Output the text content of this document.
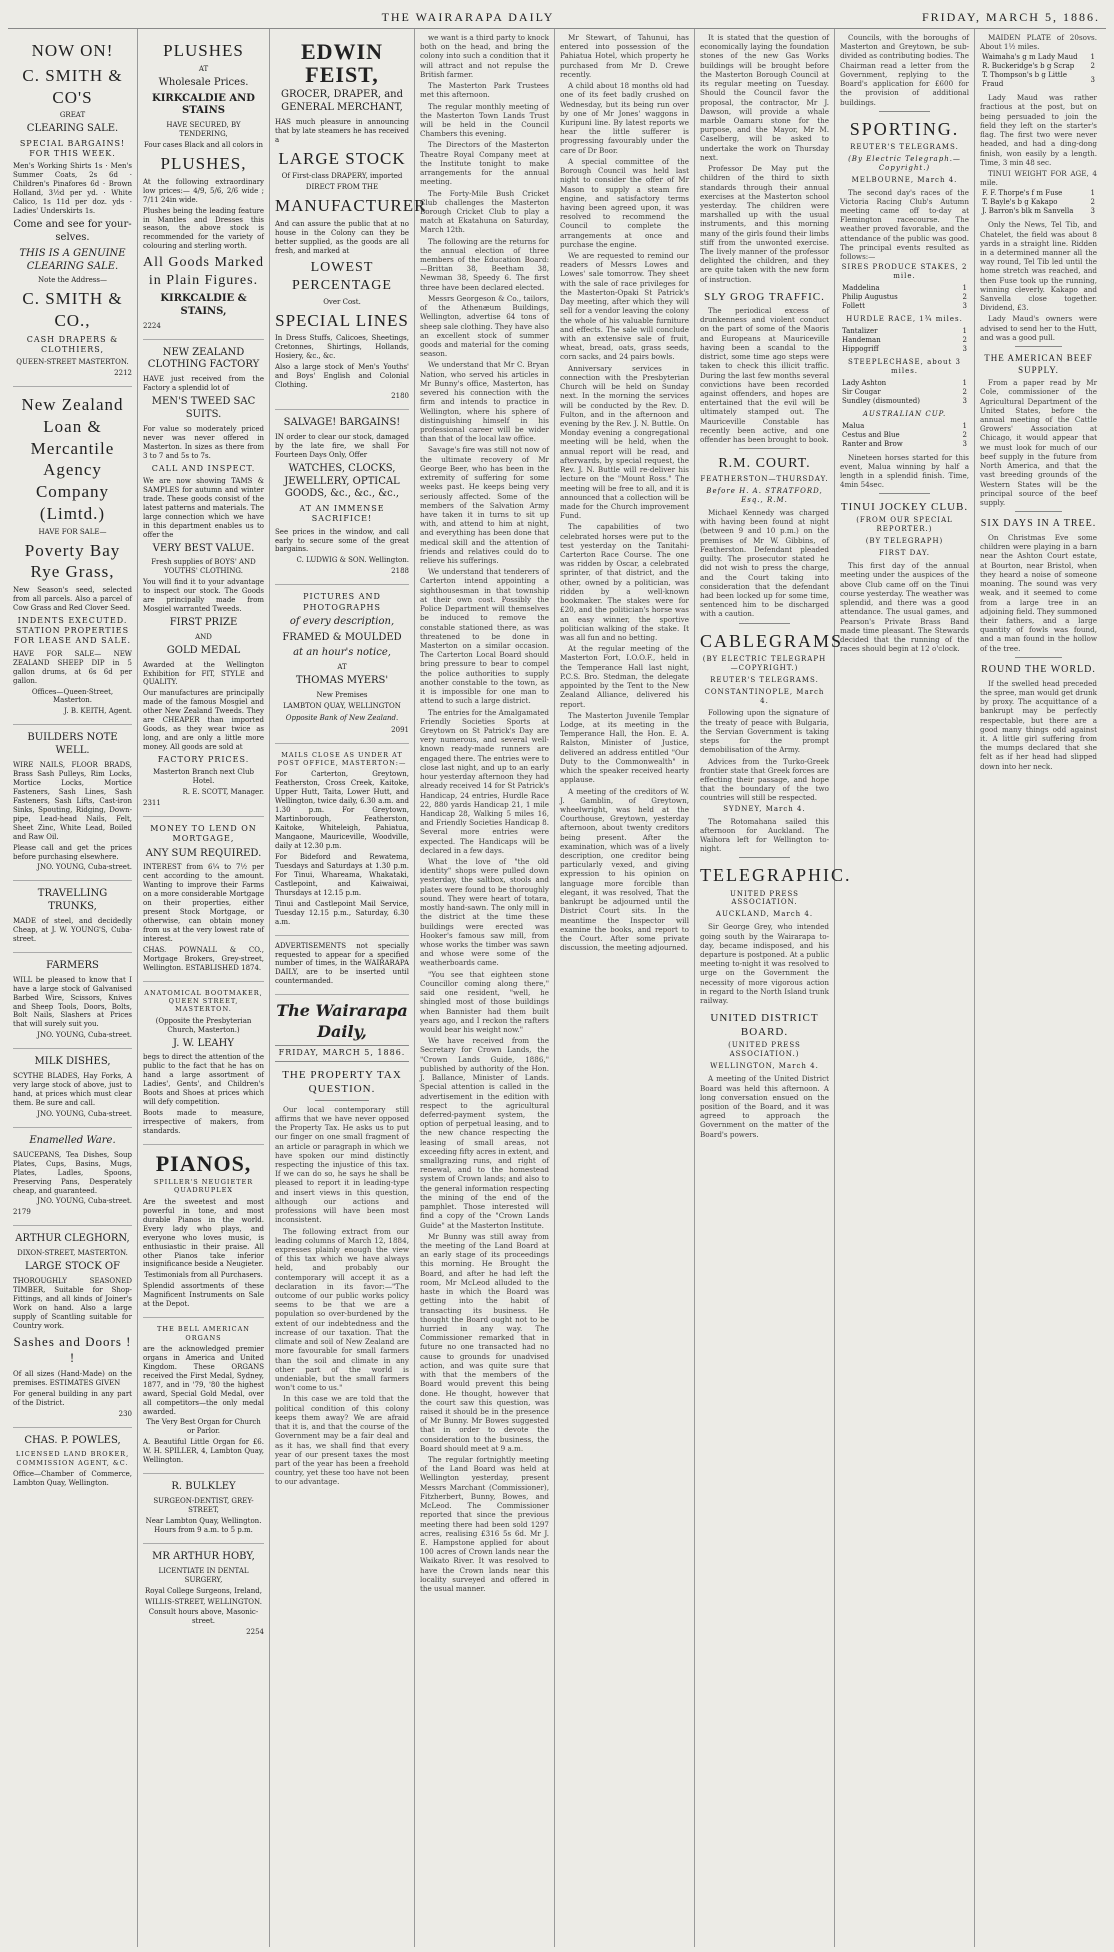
THE WAIRARAPA DAILY	FRIDAY, MARCH 5, 1886.
NOW ON!
C. SMITH & CO'S
GREAT
CLEARING SALE.
SPECIAL BARGAINS! FOR THIS WEEK.

Men's Working Shirts 1s · Men's Summer Coats, 2s 6d · Children's Pinafores 6d · Brown Holland, 3½d per yd. · White Calico, 1s 11d per doz. yds · Ladies' Underskirts 1s.

Come and see for your-selves.
THIS IS A GENUINE CLEARING SALE.
Note the Address—
C. SMITH & CO.,
CASH DRAPERS & CLOTHIERS,
QUEEN-STREET MASTERTON.
2212
New Zealand Loan & Mercantile Agency Company (Limtd.)
HAVE FOR SALE—
Poverty Bay Rye Grass,

New Season's seed, selected from all parcels. Also a parcel of Cow Grass and Red Clover Seed.

INDENTS EXECUTED. STATION PROPERTIES FOR LEASE AND SALE.

HAVE FOR SALE— NEW ZEALAND SHEEP DIP in 5 gallon drums, at 6s 6d per gallon.

Offices—Queen-Street, Masterton.
J. B. KEITH, Agent.
BUILDERS NOTE WELL.

WIRE NAILS, FLOOR BRADS, Brass Sash Pulleys, Rim Locks, Mortice Locks, Mortice Fasteners, Sash Lines, Sash Fasteners, Sash Lifts, Cast-iron Sinks, Spouting, Ridging, Down-pipe, Lead-head Nails, Felt, Sheet Zinc, White Lead, Boiled and Raw Oil.

Please call and get the prices before purchasing elsewhere.

JNO. YOUNG, Cuba-street.
TRAVELLING TRUNKS,

MADE of steel, and decidedly Cheap, at J. W. YOUNG'S, Cuba-street.

FARMERS

WILL be pleased to know that I have a large stock of Galvanised Barbed Wire, Scissors, Knives and Sheep Tools, Doors, Bolts, Bolt Nails, Slashers at Prices that will surely suit you.

JNO. YOUNG, Cuba-street.
MILK DISHES,

SCYTHE BLADES, Hay Forks, A very large stock of above, just to hand, at prices which must clear them. Be sure and call.

JNO. YOUNG, Cuba-street.
Enamelled Ware.

SAUCEPANS, Tea Dishes, Soup Plates, Cups, Basins, Mugs, Plates, Ladles, Spoons, Preserving Pans, Desperately cheap, and guaranteed.

JNO. YOUNG, Cuba-street.
2179
ARTHUR CLEGHORN,
DIXON-STREET, MASTERTON.
LARGE STOCK OF

THOROUGHLY SEASONED TIMBER, Suitable for Shop-Fittings, and all kinds of Joiner's Work on hand. Also a large supply of Scantling suitable for Country work.

Sashes and Doors ! !

Of all sizes (Hand-Made) on the premises. ESTIMATES GIVEN

For general building in any part of the District.

230
CHAS. P. POWLES,
LICENSED LAND BROKER, COMMISSION AGENT, &C.

Office—Chamber of Commerce, Lambton Quay, Wellington.

PLUSHES
AT
Wholesale Prices.
KIRKCALDIE AND STAINS
HAVE SECURED, BY TENDERING,
Four cases Black and all colors in
PLUSHES,

At the following extraordinary low prices:— 4/9, 5/6, 2/6 wide ; 7/11 24in wide.

Plushes being the leading feature in Mantles and Dresses this season, the above stock is recommended for the variety of colouring and sterling worth.

All Goods Marked in Plain Figures.
KIRKCALDIE & STAINS,
2224
NEW ZEALAND CLOTHING FACTORY

HAVE just received from the Factory a splendid lot of

MEN'S TWEED SAC SUITS.

For value so moderately priced never was never offered in Masterton. In sizes as there from 3 to 7 and 5s to 7s.

CALL AND INSPECT.

We are now showing TAMS & SAMPLES for autumn and winter trade. These goods consist of the latest patterns and materials. The large connection which we have in this department enables us to offer the

VERY BEST VALUE.
Fresh supplies of BOYS' AND YOUTHS' CLOTHING.

You will find it to your advantage to inspect our stock. The Goods are principally made from Mosgiel warranted Tweeds.

FIRST PRIZE
AND
GOLD MEDAL

Awarded at the Wellington Exhibition for FIT, STYLE and QUALITY.

Our manufactures are principally made of the famous Mosgiel and other New Zealand Tweeds. They are CHEAPER than imported Goods, as they wear twice as long, and are only a little more money. All goods are sold at

FACTORY PRICES.
Masterton Branch next Club Hotel.
R. E. SCOTT, Manager.
2311
MONEY TO LEND ON MORTGAGE,
ANY SUM REQUIRED.

INTEREST from 6¼ to 7½ per cent according to the amount. Wanting to improve their Farms on a more considerable Mortgage on their properties, either present Stock Mortgage, or otherwise, can obtain money from us at the very lowest rate of interest.

CHAS. POWNALL & CO., Mortgage Brokers, Grey-street, Wellington. ESTABLISHED 1874.

ANATOMICAL BOOTMAKER, QUEEN STREET, MASTERTON.
(Opposite the Presbyterian Church, Masterton.)
J. W. LEAHY

begs to direct the attention of the public to the fact that he has on hand a large assortment of Ladies', Gents', and Children's Boots and Shoes at prices which will defy competition.

Boots made to measure, irrespective of makers, from standards.

PIANOS,
SPILLER'S NEUGIETER QUADRUPLEX

Are the sweetest and most powerful in tone, and most durable Pianos in the world. Every lady who plays, and everyone who loves music, is enthusiastic in their praise. All other Pianos take inferior insignificance beside a Neugieter.

Testimonials from all Purchasers.

Splendid assortments of these Magnificent Instruments on Sale at the Depot.

THE BELL AMERICAN ORGANS

are the acknowledged premier organs in America and United Kingdom. These ORGANS received the First Medal, Sydney, 1877, and in '79, '80 the highest award, Special Gold Medal, over all competitors—the only medal awarded.

The Very Best Organ for Church or Parlor.

A. Beautiful Little Organ for £6. W. H. SPILLER, 4, Lambton Quay, Wellington.

R. BULKLEY
SURGEON-DENTIST, GREY-STREET,
Near Lambton Quay, Wellington. Hours from 9 a.m. to 5 p.m.
MR ARTHUR HOBY,
LICENTIATE IN DENTAL SURGERY,
Royal College Surgeons, Ireland,
WILLIS-STREET, WELLINGTON.
Consult hours above, Masonic-street.
2254
EDWIN FEIST,
GROCER, DRAPER, and GENERAL MERCHANT,

HAS much pleasure in announcing that by late steamers he has received a

LARGE STOCK
Of First-class DRAPERY, imported
DIRECT FROM THE
MANUFACTURER

And can assure the public that at no house in the Colony can they be better supplied, as the goods are all fresh, and marked at

LOWEST PERCENTAGE
Over Cost.
SPECIAL LINES

In Dress Stuffs, Calicoes, Sheetings, Cretonnes, Shirtings, Hollands, Hosiery, &c., &c.

Also a large stock of Men's Youths' and Boys' English and Colonial Clothing.

2180
SALVAGE! BARGAINS!

IN order to clear our stock, damaged by the late fire, we shall For Fourteen Days Only, Offer

WATCHES, CLOCKS, JEWELLERY, OPTICAL GOODS, &c., &c., &c.,
AT AN IMMENSE SACRIFICE!

See prices in the window, and call early to secure some of the great bargains.

C. LUDWIG & SON. Wellington.
2188
PICTURES AND PHOTOGRAPHS
of every description,
FRAMED & MOULDED
at an hour's notice,
AT
THOMAS MYERS'
New Premises
LAMBTON QUAY, WELLINGTON
Opposite Bank of New Zealand.
2091
MAILS CLOSE AS UNDER AT POST OFFICE, MASTERTON:—

For Carterton, Greytown, Featherston, Cross Creek, Kaitoke, Upper Hutt, Taita, Lower Hutt, and Wellington, twice daily, 6.30 a.m. and 1.30 p.m. For Greytown, Martinborough, Featherston, Kaitoke, Whiteleigh, Pahiatua, Mangaone, Mauriceville, Woodville, daily at 12.30 p.m.

For Bideford and Rewatema, Tuesdays and Saturdays at 1.30 p.m. For Tinui, Whareama, Whakataki, Castlepoint, and Kaiwaiwai, Thursdays at 12.15 p.m.

Tinui and Castlepoint Mail Service, Tuesday 12.15 p.m., Saturday, 6.30 a.m.

ADVERTISEMENTS not specially requested to appear for a specified number of times, in the WAIRARAPA DAILY, are to be inserted until countermanded.

The Wairarapa Daily,
FRIDAY, MARCH 5, 1886.
THE PROPERTY TAX QUESTION.

Our local contemporary still affirms that we have never opposed the Property Tax. He asks us to put our finger on one small fragment of an article or paragraph in which we have spoken our mind distinctly respecting the injustice of this tax. If we can do so, he says he shall be pleased to report it in leading-type and insert views in this question, although our actions and professions will have been most inconsistent.

The following extract from our leading columns of March 12, 1884, expresses plainly enough the view of this tax which we have always held, and probably our contemporary will accept it as a declaration in its favor:—"The outcome of our public works policy seems to be that we are a population so over-burdened by the extent of our indebtedness and the increase of our taxation. That the climate and soil of New Zealand are more favourable for small farmers than the soil and climate in any other part of the world is undeniable, but the small farmers won't come to us."

In this case we are told that the political condition of this colony keeps them away? We are afraid that it is, and that the course of the Government may be a fair deal and as it has, we shall find that every year of our present taxes the most part of the year has been a freehold country, yet these too have not been to our advantage.

we want is a third party to knock both on the head, and bring the colony into such a condition that it will attract and not repulse the British farmer.

The Masterton Park Trustees met this afternoon.

The regular monthly meeting of the Masterton Town Lands Trust will be held in the Council Chambers this evening.

The Directors of the Masterton Theatre Royal Company meet at the Institute tonight to make arrangements for the annual meeting.

The Forty-Mile Bush Cricket Club challenges the Masterton Borough Cricket Club to play a match at Ekatahuna on Saturday, March 12th.

The following are the returns for the annual election of three members of the Education Board:—Brittan 38, Beetham 38, Newman 38, Speedy 6. The first three have been declared elected.

Messrs Georgeson & Co., tailors, of the Athenæum Buildings, Wellington, advertise 64 tons of sheep sale clothing. They have also an excellent stock of summer goods and material for the coming season.

We understand that Mr C. Bryan Nation, who served his articles in Mr Bunny's office, Masterton, has severed his connection with the firm and intends to practice in Wellington, where his sphere of distinguishing himself in his professional career will be wider than that of the local law office.

Savage's fire was still not now of the ultimate recovery of Mr George Beer, who has been in the extremity of suffering for some weeks past. He keeps being very seriously affected. Some of the members of the Salvation Army have taken it in turns to sit up with, and attend to him at night, and everything has been done that medical skill and the attention of friends and relatives could do to relieve his sufferings.

We understand that tenderers of Carterton intend appointing a sighthousesman in that township at their own cost. Possibly the Police Department will themselves be induced to remove the constable stationed there, as was threatened to be done in Masterton on a similar occasion. The Carterton Local Board should bring pressure to bear to compel the police authorities to supply another constable to the town, as it is impossible for one man to attend to such a large district.

The entries for the Amalgamated Friendly Societies Sports at Greytown on St Patrick's Day are very numerous, and several well-known ready-made runners are engaged there. The entries were to close last night, and up to an early hour yesterday afternoon they had already received 14 for St Patrick's Handicap, 24 entries, Hurdle Race 22, 880 yards Handicap 21, 1 mile Handicap 28, Walking 5 miles 16, and Friendly Societies Handicap 8. Several more entries were expected. The Handicaps will be declared in a few days.

What the love of "the old identity" shops were pulled down yesterday, the saltbox, stools and plates were found to be thoroughly sound. They were heart of totara, mostly hand-sawn. The only mill in the district at the time these buildings were erected was Hooker's famous saw mill, from whose works the timber was sawn and whose were some of the weatherboards came.

"You see that eighteen stone Councillor coming along there," said one resident, "well, he shingled most of those buildings when Bannister had them built years ago, and I reckon the rafters would bear his weight now."

We have received from the Secretary for Crown Lands, the "Crown Lands Guide, 1886," published by authority of the Hon. J. Ballance, Minister of Lands. Special attention is called in the advertisement in the edition with respect to the agricultural deferred-payment system, the option of perpetual leasing, and to the new chance respecting the leasing of small areas, not exceeding fifty acres in extent, and smallgrazing runs, and right of renewal, and to the homestead system of Crown lands; and also to the general information respecting the mining of the end of the pamphlet. Those interested will find a copy of the "Crown Lands Guide" at the Masterton Institute.

Mr Bunny was still away from the meeting of the Land Board at an early stage of its proceedings this morning. He Brought the Board, and after he had left the room, Mr McLeod alluded to the haste in which the Board was getting into the habit of transacting its business. He thought the Board ought not to be hurried in any way. The Commissioner remarked that in future no one transacted had no cause to grounds for unadvised action, and was quite sure that with that the members of the Board would prevent this being done. He thought, however that the court saw this question, was raised it should be in the presence of Mr Bunny. Mr Bowes suggested that in order to devote the consideration to the business, the Board should meet at 9 a.m.

The regular fortnightly meeting of the Land Board was held at Wellington yesterday, present Messrs Marchant (Commissioner), Fitzherbert, Bunny, Bowes, and McLeod. The Commissioner reported that since the previous meeting there had been sold 1297 acres, realising £316 5s 6d. Mr J. E. Hampstone applied for about 100 acres of Crown lands near the Waikato River. It was resolved to have the Crown lands near this locality surveyed and offered in the usual manner.

Mr Stewart, of Tahunui, has entered into possession of the Pahiatua Hotel, which property he purchased from Mr D. Crewe recently.

A child about 18 months old had one of its feet badly crushed on Wednesday, but its being run over by one of Mr Jones' waggons in Kuripuni line. By latest reports we hear the little sufferer is progressing favourably under the care of Dr Boor.

A special committee of the Borough Council was held last night to consider the offer of Mr Mason to supply a steam fire engine, and satisfactory terms having been agreed upon, it was resolved to recommend the Council to complete the arrangements at once and purchase the engine.

We are requested to remind our readers of Messrs Lowes and Lowes' sale tomorrow. They sheet with the sale of race privileges for the Masterton-Opaki St Patrick's Day meeting, after which they will sell for a vendor leaving the colony the whole of his valuable furniture and effects. The sale will conclude with an extensive sale of fruit, wheat, bread, oats, grass seeds, corn sacks, and 24 pairs bowls.

Anniversary services in connection with the Presbyterian Church will be held on Sunday next. In the morning the services will be conducted by the Rev. D. Fulton, and in the afternoon and evening by the Rev. J. N. Buttle. On Monday evening a congregational meeting will be held, when the annual report will be read, and afterwards, by special request, the Rev. J. N. Buttle will re-deliver his lecture on the "Mount Ross." The meeting will be free to all, and it is announced that a collection will be made for the Church improvement Fund.

The capabilities of two celebrated horses were put to the test yesterday on the Tanitahi-Carterton Race Course. The one was ridden by Oscar, a celebrated sprinter, of that district, and the other, owned by a politician, was ridden by a well-known bookmaker. The stakes were for £20, and the politician's horse was an easy winner, the sportive politician walking of the stake. It was all fun and no betting.

At the regular meeting of the Masterton Fort, I.O.O.F., held in the Temperance Hall last night, P.C.S. Bro. Stedman, the delegate appointed by the Tent to the New Zealand Alliance, delivered his report.

The Masterton Juvenile Templar Lodge, at its meeting in the Temperance Hall, the Hon. E. A. Ralston, Minister of Justice, delivered an address entitled "Our Duty to the Commonwealth" in which the speaker received hearty applause.

A meeting of the creditors of W. J. Gamblin, of Greytown, wheelwright, was held at the Courthouse, Greytown, yesterday afternoon, about twenty creditors being present. After the examination, which was of a lively description, one creditor being particularly vexed, and giving expression to his opinion on language more forcible than elegant, it was resolved, That the bankrupt be adjourned until the District Court sits. In the meantime the Inspector will examine the books, and report to the Court. After some private discussion, the meeting adjourned.

It is stated that the question of economically laying the foundation stones of the new Gas Works buildings will be brought before the Masterton Borough Council at its regular meeting on Tuesday. Should the Council favor the proposal, the contractor, Mr J. Dawson, will provide a whale marble Oamaru stone for the purpose, and the Mayor, Mr M. Caselberg, will be asked to undertake the work on Thursday next.

Professor De May put the children of the third to sixth standards through their annual exercises at the Masterton school yesterday. The children were marshalled up with the usual instruments, and this morning many of the girls found their limbs stiff from the unwonted exercise. The lively manner of the professor delighted the children, and they are quite taken with the new form of instruction.

SLY GROG TRAFFIC.

The periodical excess of drunkenness and violent conduct on the part of some of the Maoris and Europeans at Mauriceville having been a scandal to the district, some time ago steps were taken to check this illicit traffic. During the last few months several convictions have been recorded against offenders, and hopes are entertained that the evil will be ultimately stamped out. The Mauriceville Constable has recently been active, and one offender has been brought to book.

R.M. COURT.
FEATHERSTON—THURSDAY.
Before H. A. STRATFORD, Esq., R.M.

Michael Kennedy was charged with having been found at night (between 9 and 10 p.m.) on the premises of Mr W. Gibbins, of Featherston. Defendant pleaded guilty. The prosecutor stated he did not wish to press the charge, and the Court taking into consideration that the defendant had been locked up for some time, sentenced him to be discharged with a caution.

CABLEGRAMS
(BY ELECTRIC TELEGRAPH—COPYRIGHT.)
REUTER'S TELEGRAMS.
CONSTANTINOPLE, March 4.

Following upon the signature of the treaty of peace with Bulgaria, the Servian Government is taking steps for the prompt demobilisation of the Army.

Advices from the Turko-Greek frontier state that Greek forces are effecting their passage, and hope that the boundary of the two countries will still be respected.

SYDNEY, March 4.

The Rotomahana sailed this afternoon for Auckland. The Waihora left for Wellington to-night.

TELEGRAPHIC.
UNITED PRESS ASSOCIATION.
AUCKLAND, March 4.

Sir George Grey, who intended going south by the Wairarapa to-day, became indisposed, and his departure is postponed. At a public meeting to-night it was resolved to urge on the Government the necessity of more vigorous action in regard to the North Island trunk railway.

UNITED DISTRICT BOARD.
(UNITED PRESS ASSOCIATION.)
WELLINGTON, March 4.

A meeting of the United District Board was held this afternoon. A long conversation ensued on the position of the Board, and it was agreed to approach the Government on the matter of the Board's powers.

Councils, with the boroughs of Masterton and Greytown, be sub-divided as contributing bodies. The Chairman read a letter from the Government, replying to the Board's application for £600 for the provision of additional buildings.

SPORTING.
REUTER'S TELEGRAMS.
(By Electric Telegraph.—Copyright.)
MELBOURNE, March 4.

The second day's races of the Victoria Racing Club's Autumn meeting came off to-day at Flemington racecourse. The weather proved favorable, and the attendance of the public was good. The principal events resulted as follows:—

SIRES PRODUCE STAKES, 2 mile.
Maddelina	1
Philip Augustus	2
Follett	3
HURDLE RACE, 1¾ miles.
Tantalizer	1
Handeman	2
Hippogriff	3
STEEPLECHASE, about 3 miles.
Lady Ashton	1
Sir Cougar	2
Sundley (dismounted)	3
AUSTRALIAN CUP.
Malua	1
Cestus and Blue	2
Ranter and Brow	3

Nineteen horses started for this event, Malua winning by half a length in a splendid finish. Time, 4min 54sec.

TINUI JOCKEY CLUB.
(FROM OUR SPECIAL REPORTER.)
(BY TELEGRAPH)
FIRST DAY.

This first day of the annual meeting under the auspices of the above Club came off on the Tinui course yesterday. The weather was splendid, and there was a good attendance. The usual games, and Pearson's Private Brass Band made time pleasant. The Stewards decided that the running of the races should begin at 12 o'clock.

MAIDEN PLATE of 20sovs. About 1½ miles.

Waimaha's g m Lady Maud	1
R. Buckeridge's b g Scrap	2
T. Thompson's b g Little Fraud	3

Lady Maud was rather fractious at the post, but on being persuaded to join the field they left on the starter's flag. The first two were never headed, and had a ding-dong finish, won easily by a length. Time, 3 min 48 sec.

TINUI WEIGHT FOR AGE, 4 mile.

F. F. Thorpe's f m Fuse	1
T. Bayle's b g Kakapo	2
J. Barron's blk m Sanvella	3

Only the News, Tel Tib, and Chatelet, the field was about 8 yards in a straight line. Ridden in a determined manner all the way round, Tel Tib led until the home stretch was reached, and then Fuse took up the running, winning cleverly. Kakapo and Sanvella close together. Dividend, £3.

Lady Maud's owners were advised to send her to the Hutt, and was a good pull.

THE AMERICAN BEEF SUPPLY.

From a paper read by Mr Cole, commissioner of the Agricultural Department of the United States, before the annual meeting of the Cattle Growers' Association at Chicago, it would appear that we must look for much of our beef supply in the future from North America, and that the vast breeding grounds of the Western States will be the principal source of the beef supply.

SIX DAYS IN A TREE.

On Christmas Eve some children were playing in a barn near the Ashton Court estate, at Bourton, near Bristol, when they heard a noise of someone moaning. The sound was very weak, and it seemed to come from a large tree in an adjoining field. They summoned their fathers, and a large quantity of fowls was found, and a man found in the hollow of the tree.

ROUND THE WORLD.

If the swelled head preceded the spree, man would get drunk by proxy. The acquittance of a bankrupt may be perfectly respectable, but there are a good many things odd against it. A little girl suffering from the mumps declared that she felt as if her head had slipped down into her neck.
